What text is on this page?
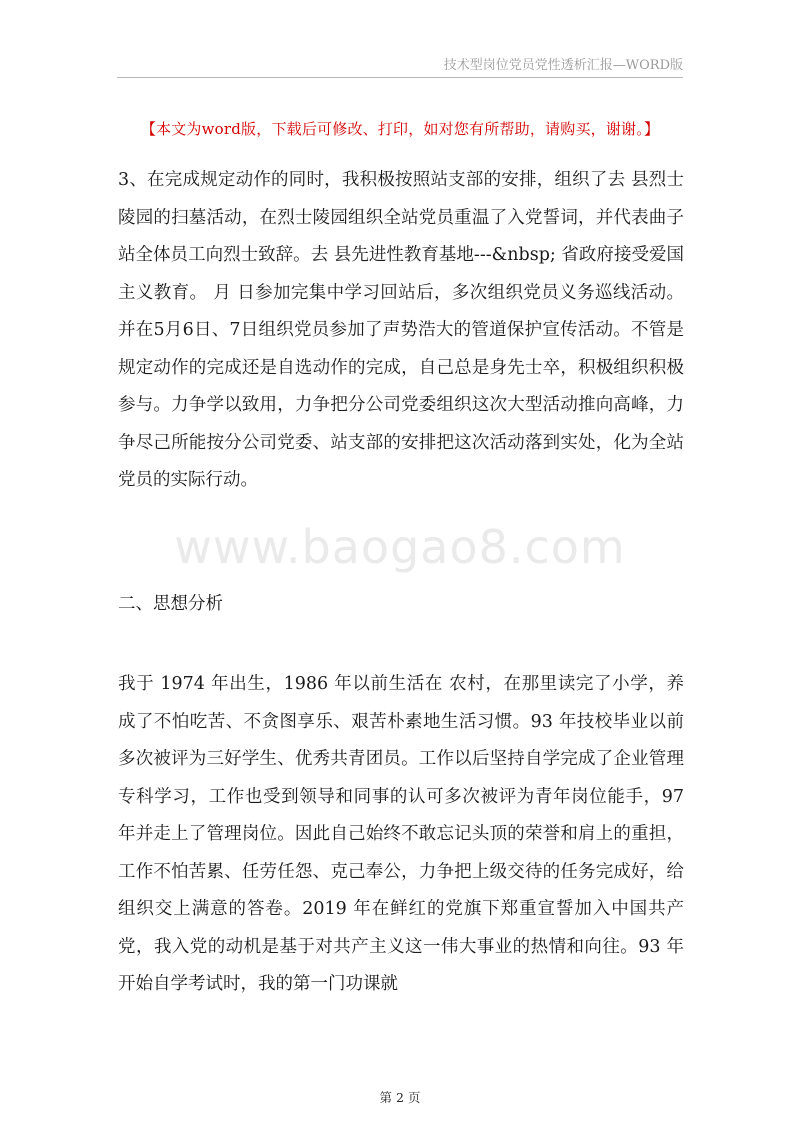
技术型岗位党员党性透析汇报—WORD版
【本文为word版，下载后可修改、打印，如对您有所帮助，请购买，谢谢。】
www.baogao8.com

3、在完成规定动作的同时，我积极按照站支部的安排，组织了去 县烈士陵园的扫墓活动，在烈士陵园组织全站党员重温了入党誓词，并代表曲子站全体员工向烈士致辞。去 县先进性教育基地---&nbsp; 省政府接受爱国主义教育。 月 日参加完集中学习回站后，多次组织党员义务巡线活动。并在5月6日、7日组织党员参加了声势浩大的管道保护宣传活动。不管是规定动作的完成还是自选动作的完成，自己总是身先士卒，积极组织积极参与。力争学以致用，力争把分公司党委组织这次大型活动推向高峰，力争尽己所能按分公司党委、站支部的安排把这次活动落到实处，化为全站党员的实际行动。

二、思想分析

我于 1974 年出生，1986 年以前生活在 农村，在那里读完了小学，养成了不怕吃苦、不贪图享乐、艰苦朴素地生活习惯。93 年技校毕业以前多次被评为三好学生、优秀共青团员。工作以后坚持自学完成了企业管理专科学习，工作也受到领导和同事的认可多次被评为青年岗位能手，97 年并走上了管理岗位。因此自己始终不敢忘记头顶的荣誉和肩上的重担，工作不怕苦累、任劳任怨、克己奉公，力争把上级交待的任务完成好，给组织交上满意的答卷。2019 年在鲜红的党旗下郑重宣誓加入中国共产党，我入党的动机是基于对共产主义这一伟大事业的热情和向往。93 年开始自学考试时，我的第一门功课就

第 2 页
